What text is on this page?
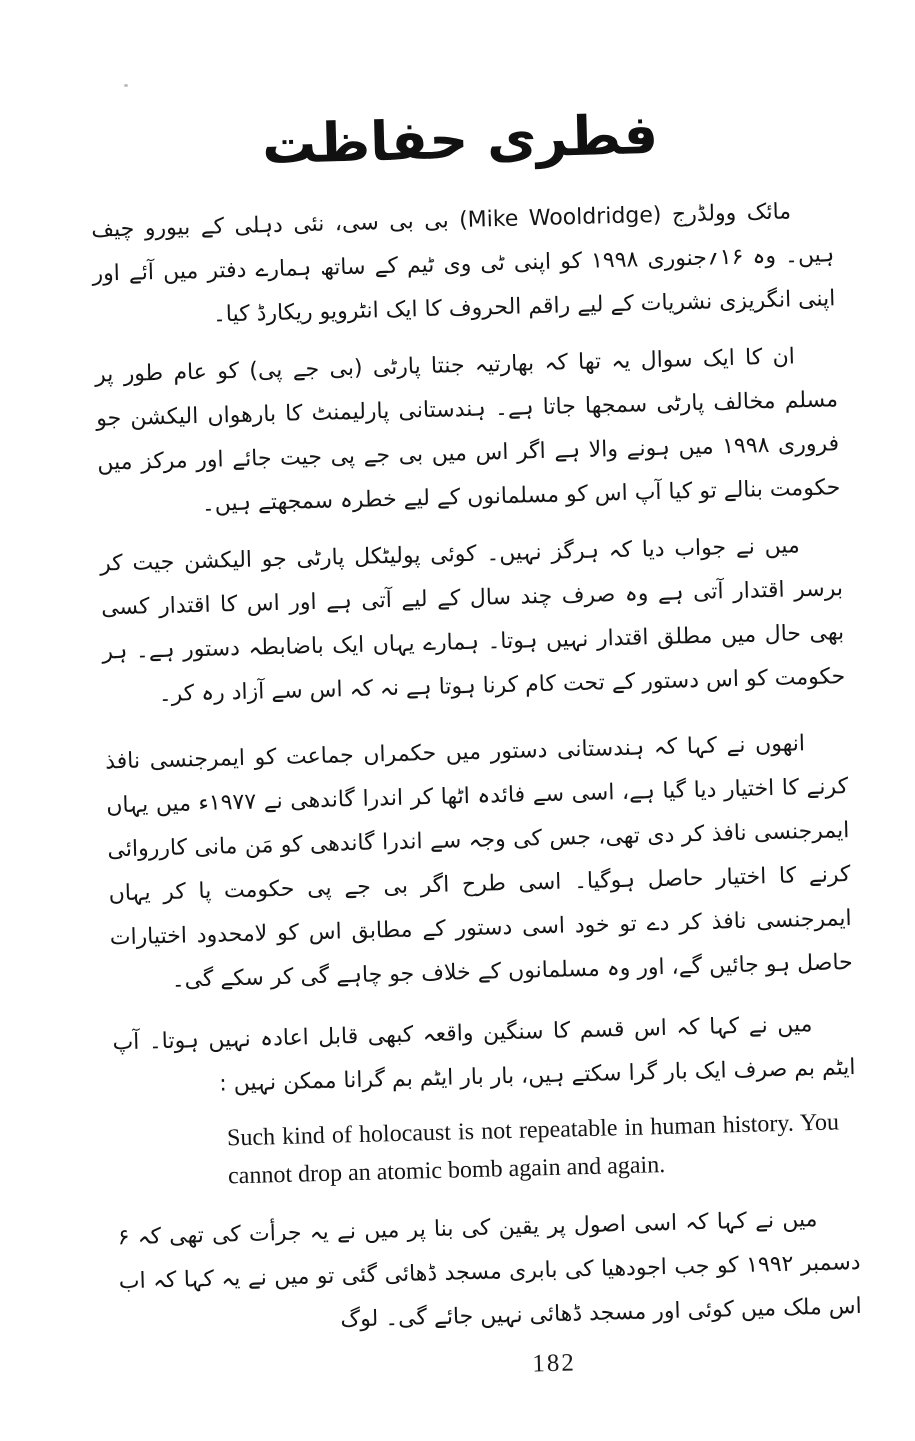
فطری حفاظت

مائک وولڈرج (Mike Wooldridge) بی بی سی، نئی دہلی کے بیورو چیف ہیں۔ وہ ۱۶؍جنوری ۱۹۹۸ کو اپنی ٹی وی ٹیم کے ساتھ ہمارے دفتر میں آئے اور اپنی انگریزی نشریات کے لیے راقم الحروف کا ایک انٹرویو ریکارڈ کیا۔

ان کا ایک سوال یہ تھا کہ بھارتیہ جنتا پارٹی (بی جے پی) کو عام طور پر مسلم مخالف پارٹی سمجھا جاتا ہے۔ ہندستانی پارلیمنٹ کا بارھواں الیکشن جو فروری ۱۹۹۸ میں ہونے والا ہے اگر اس میں بی جے پی جیت جائے اور مرکز میں حکومت بنالے تو کیا آپ اس کو مسلمانوں کے لیے خطرہ سمجھتے ہیں۔

میں نے جواب دیا کہ ہرگز نہیں۔ کوئی پولیٹکل پارٹی جو الیکشن جیت کر برسر اقتدار آتی ہے وہ صرف چند سال کے لیے آتی ہے اور اس کا اقتدار کسی بھی حال میں مطلق اقتدار نہیں ہوتا۔ ہمارے یہاں ایک باضابطہ دستور ہے۔ ہر حکومت کو اس دستور کے تحت کام کرنا ہوتا ہے نہ کہ اس سے آزاد رہ کر۔

انھوں نے کہا کہ ہندستانی دستور میں حکمراں جماعت کو ایمرجنسی نافذ کرنے کا اختیار دیا گیا ہے، اسی سے فائدہ اٹھا کر اندرا گاندھی نے ۱۹۷۷ء میں یہاں ایمرجنسی نافذ کر دی تھی، جس کی وجہ سے اندرا گاندھی کو مَن مانی کارروائی کرنے کا اختیار حاصل ہوگیا۔ اسی طرح اگر بی جے پی حکومت پا کر یہاں ایمرجنسی نافذ کر دے تو خود اسی دستور کے مطابق اس کو لامحدود اختیارات حاصل ہو جائیں گے، اور وہ مسلمانوں کے خلاف جو چاہے گی کر سکے گی۔

میں نے کہا کہ اس قسم کا سنگین واقعہ کبھی قابل اعادہ نہیں ہوتا۔ آپ ایٹم بم صرف ایک بار گرا سکتے ہیں، بار بار ایٹم بم گرانا ممکن نہیں :

Such kind of holocaust is not repeatable in human history. You cannot drop an atomic bomb again and again.

میں نے کہا کہ اسی اصول پر یقین کی بنا پر میں نے یہ جرأت کی تھی کہ ۶ دسمبر ۱۹۹۲ کو جب اجودھیا کی بابری مسجد ڈھائی گئی تو میں نے یہ کہا کہ اب اس ملک میں کوئی اور مسجد ڈھائی نہیں جائے گی۔ لوگ

182
